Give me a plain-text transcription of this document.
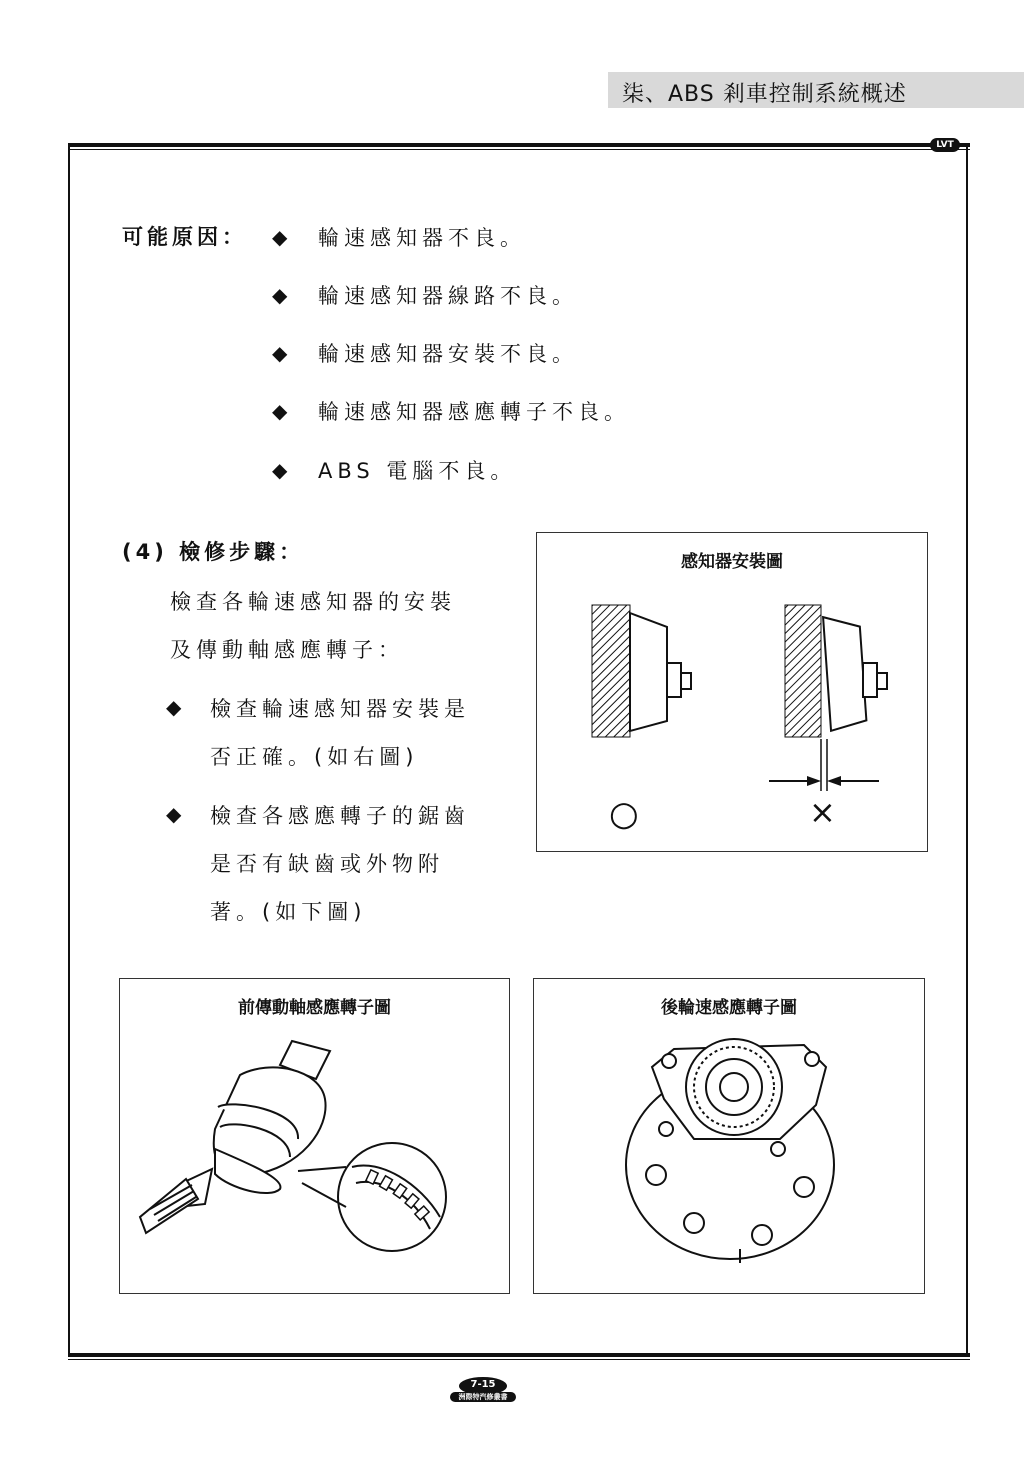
柒、ABS 剎車控制系統概述
LVT
可能原因： ◆ 輪速感知器不良。
◆ 輪速感知器線路不良。
◆ 輪速感知器安裝不良。
◆ 輪速感知器感應轉子不良。
◆ ABS 電腦不良。
(4) 檢修步驟：
檢查各輪速感知器的安裝
及傳動軸感應轉子：
◆ 檢查輪速感知器安裝是
否正確。(如右圖)
◆ 檢查各感應轉子的鋸齒
是否有缺齒或外物附
著。(如下圖)
感知器安裝圖
○	×
前傳動軸感應轉子圖	後輪速感應轉子圖
7-15
洲際特汽修叢書
